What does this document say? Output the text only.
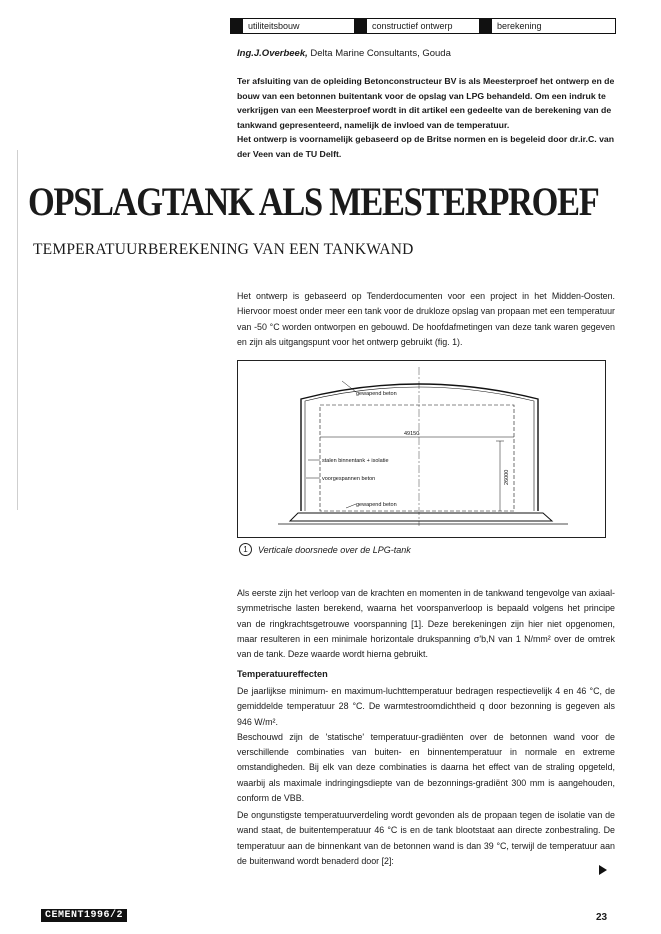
utiliteitsbouw	constructief ontwerp	berekening
Ing.J.Overbeek, Delta Marine Consultants, Gouda

Ter afsluiting van de opleiding Betonconstructeur BV is als Meesterproef het ontwerp en de bouw van een betonnen buitentank voor de opslag van LPG behandeld. Om een indruk te verkrijgen van een Meesterproef wordt in dit artikel een gedeelte van de berekening van de tankwand gepresenteerd, namelijk de invloed van de temperatuur.

Het ontwerp is voornamelijk gebaseerd op de Britse normen en is begeleid door dr.ir.C. van der Veen van de TU Delft.

OPSLAGTANK ALS MEESTERPROEF
TEMPERATUURBEREKENING VAN EEN TANKWAND

Het ontwerp is gebaseerd op Tenderdocumenten voor een project in het Midden-Oosten. Hiervoor moest onder meer een tank voor de drukloze opslag van propaan met een temperatuur van -50 °C worden ontworpen en gebouwd. De hoofdafmetingen van deze tank waren gegeven en zijn als uitgangspunt voor het ontwerp gebruikt (fig. 1).

gewapend beton
49150
26000
stalen binnentank + isolatie
voorgespannen beton
gewapend beton
1	Verticale doorsnede over de LPG-tank

Als eerste zijn het verloop van de krachten en momenten in de tankwand tengevolge van axiaal-symmetrische lasten berekend, waarna het voorspanverloop is bepaald volgens het principe van de ringkrachtsgetrouwe voorspanning [1]. Deze berekeningen zijn hier niet opgenomen, maar resulteren in een minimale horizontale drukspanning σ'b,N van 1 N/mm² over de omtrek van de tank. Deze waarde wordt hierna gebruikt.

Temperatuureffecten
De jaarlijkse minimum- en maximum-luchttemperatuur bedragen respectievelijk 4 en 46 °C, de gemiddelde temperatuur 28 °C. De warmtestroomdichtheid q door bezonning is gegeven als 946 W/m².
Beschouwd zijn de 'statische' temperatuur-gradiënten over de betonnen wand voor de verschillende combinaties van buiten- en binnentemperatuur in normale en extreme omstandigheden. Bij elk van deze combinaties is daarna het effect van de straling opgeteld, waarbij als maximale indringingsdiepte van de bezonnings-gradiënt 300 mm is aangehouden, conform de VBB.

De ongunstigste temperatuurverdeling wordt gevonden als de propaan tegen de isolatie van de wand staat, de buitentemperatuur 46 °C is en de tank blootstaat aan directe zonbestraling. De temperatuur aan de binnenkant van de betonnen wand is dan 39 °C, terwijl de temperatuur aan de buitenwand wordt benaderd door [2]:

CEMENT1996/2	23
